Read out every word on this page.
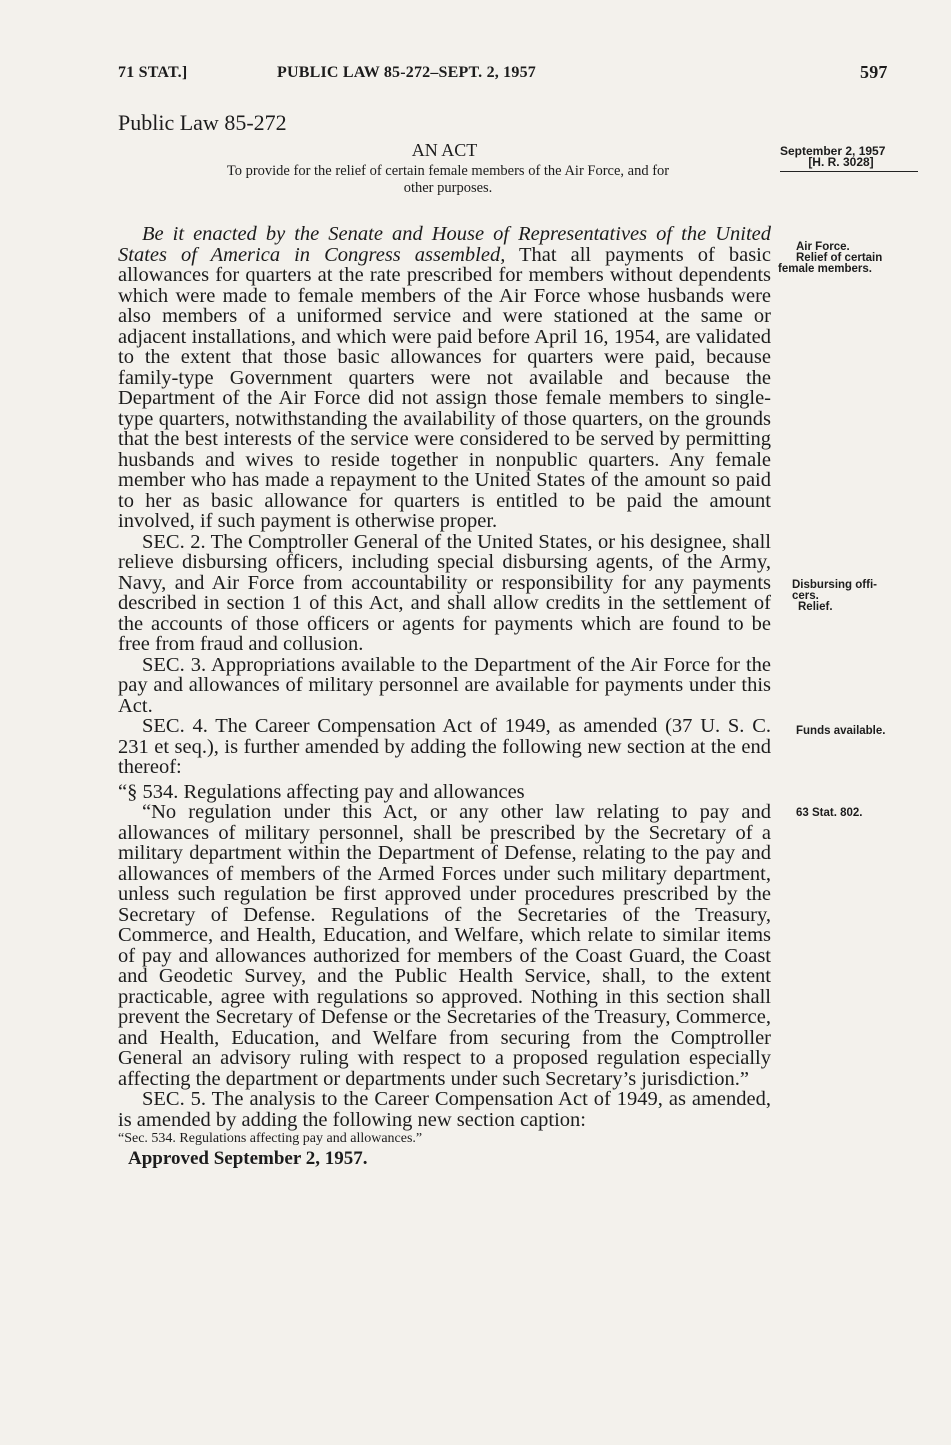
71 STAT.]	PUBLIC LAW 85-272–SEPT. 2, 1957	597
Public Law 85-272
AN ACT
To provide for the relief of certain female members of the Air Force, and for
other purposes.
September 2, 1957
[H. R. 3028]
Air Force.
Relief of certain
female members.
Disbursing offi-
cers.
Relief.
Funds available.
63 Stat. 802.

Be it enacted by the Senate and House of Representatives of the United States of America in Congress assembled, That all payments of basic allowances for quarters at the rate prescribed for members without dependents which were made to female members of the Air Force whose husbands were also members of a uniformed service and were stationed at the same or adjacent installations, and which were paid before April 16, 1954, are validated to the extent that those basic allowances for quarters were paid, because family-type Government quarters were not available and because the Department of the Air Force did not assign those female members to single-type quarters, notwithstanding the availability of those quarters, on the grounds that the best interests of the service were considered to be served by permitting husbands and wives to reside together in nonpublic quarters. Any female member who has made a repayment to the United States of the amount so paid to her as basic allowance for quarters is entitled to be paid the amount involved, if such payment is otherwise proper.

SEC. 2. The Comptroller General of the United States, or his designee, shall relieve disbursing officers, including special disbursing agents, of the Army, Navy, and Air Force from accountability or responsibility for any payments described in section 1 of this Act, and shall allow credits in the settlement of the accounts of those officers or agents for payments which are found to be free from fraud and collusion.

SEC. 3. Appropriations available to the Department of the Air Force for the pay and allowances of military personnel are available for payments under this Act.

SEC. 4. The Career Compensation Act of 1949, as amended (37 U. S. C. 231 et seq.), is further amended by adding the following new section at the end thereof:

“§ 534. Regulations affecting pay and allowances

“No regulation under this Act, or any other law relating to pay and allowances of military personnel, shall be prescribed by the Secretary of a military department within the Department of Defense, relating to the pay and allowances of members of the Armed Forces under such military department, unless such regulation be first approved under procedures prescribed by the Secretary of Defense. Regulations of the Secretaries of the Treasury, Commerce, and Health, Education, and Welfare, which relate to similar items of pay and allowances authorized for members of the Coast Guard, the Coast and Geodetic Survey, and the Public Health Service, shall, to the extent practicable, agree with regulations so approved. Nothing in this section shall prevent the Secretary of Defense or the Secretaries of the Treasury, Commerce, and Health, Education, and Welfare from securing from the Comptroller General an advisory ruling with respect to a proposed regulation especially affecting the department or departments under such Secretary’s jurisdiction.”

SEC. 5. The analysis to the Career Compensation Act of 1949, as amended, is amended by adding the following new section caption:

“Sec. 534. Regulations affecting pay and allowances.”

Approved September 2, 1957.
